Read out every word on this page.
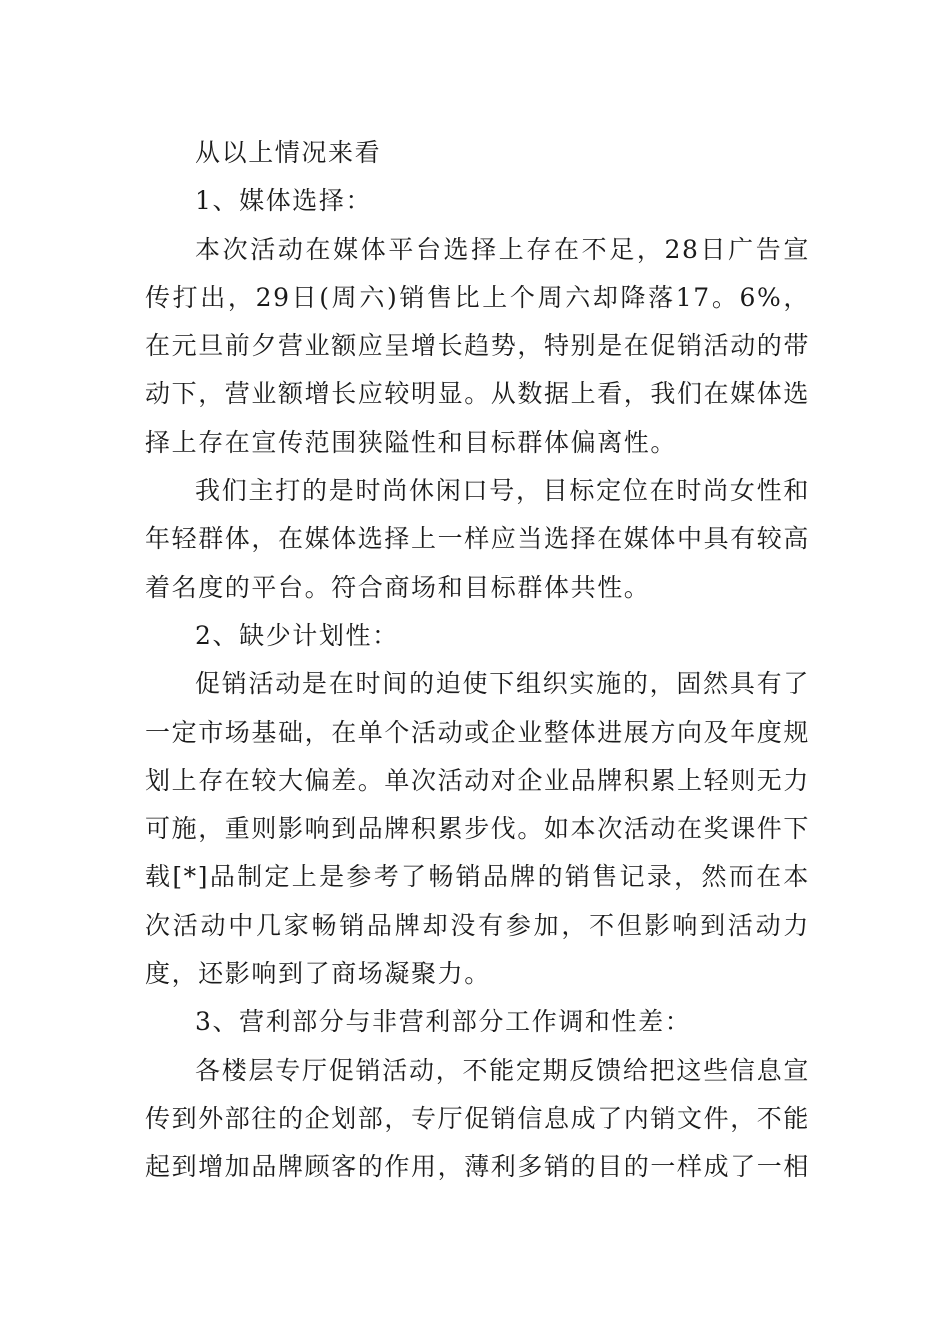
从以上情况来看

1、媒体选择：

本次活动在媒体平台选择上存在不足，28日广告宣传打出，29日(周六)销售比上个周六却降落17。6%，在元旦前夕营业额应呈增长趋势，特别是在促销活动的带动下，营业额增长应较明显。从数据上看，我们在媒体选择上存在宣传范围狭隘性和目标群体偏离性。

我们主打的是时尚休闲口号，目标定位在时尚女性和年轻群体，在媒体选择上一样应当选择在媒体中具有较高着名度的平台。符合商场和目标群体共性。

2、缺少计划性：

促销活动是在时间的迫使下组织实施的，固然具有了一定市场基础，在单个活动或企业整体进展方向及年度规划上存在较大偏差。单次活动对企业品牌积累上轻则无力可施，重则影响到品牌积累步伐。如本次活动在奖课件下载[*]品制定上是参考了畅销品牌的销售记录，然而在本次活动中几家畅销品牌却没有参加，不但影响到活动力度，还影响到了商场凝聚力。

3、营利部分与非营利部分工作调和性差：

各楼层专厅促销活动，不能定期反馈给把这些信息宣传到外部往的企划部，专厅促销信息成了内销文件，不能起到增加品牌顾客的作用，薄利多销的目的一样成了一相
